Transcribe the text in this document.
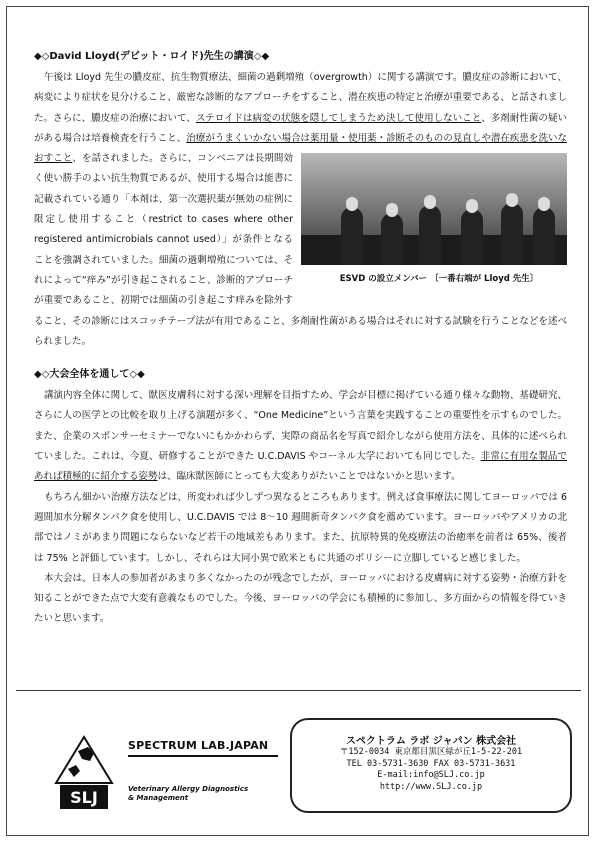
◆◇David Lloyd(デビット・ロイド)先生の講演◇◆

午後は Lloyd 先生の膿皮症、抗生物質療法、細菌の過剰増殖（overgrowth）に関する講演です。膿皮症の診断において、病変により症状を見分けること、厳密な診断的なアプローチをすること、潜在疾患の特定と治療が重要である、と話されました。さらに、膿皮症の治療において、ステロイドは病変の状態を隠してしまうため決して使用しないこと、多剤耐性菌の疑いがある場合は培養検査を行うこと、治療がうまくいかない場合は薬用量・使用薬・診断そのものの見直しや潜在疾患を洗いなおすこと
ESVD の設立メンバー 〔一番右端が Lloyd 先生〕
、を話されました。さらに、コンベニアは長期間効く使い勝手のよい抗生物質であるが、使用する場合は能書に記載されている通り「本剤は、第一次選択薬が無効の症例に限定し使用すること（restrict to cases where other registered antimicrobials cannot used）」が条件となることを強調されていました。細菌の過剰増殖については、それによって“痒み”が引き起こされること、診断的アプローチが重要であること、初期では細菌の引き起こす痒みを除外すること、その診断にはスコッチテープ法が有用であること、多剤耐性菌がある場合はそれに対する試験を行うことなどを述べられました。

◆◇大会全体を通して◇◆

講演内容全体に関して、獣医皮膚科に対する深い理解を目指すため、学会が目標に掲げている通り様々な動物、基礎研究、さらに人の医学との比較を取り上げる演題が多く、“One Medicine”という言葉を実践することの重要性を示すものでした。また、企業のスポンサーセミナーでないにもかかわらず、実際の商品名を写真で紹介しながら使用方法を、具体的に述べられていました。これは、今夏、研修することができた U.C.DAVIS やコーネル大学においても同じでした。非常に有用な製品であれば積極的に紹介する姿勢は、臨床獣医師にとっても大変ありがたいことではないかと思います。

もちろん細かい治療方法などは、所変われば少しずつ異なるところもあります。例えば食事療法に関してヨーロッパでは 6 週間加水分解タンパク食を使用し、U.C.DAVIS では 8～10 週間新奇タンパク食を薦めています。ヨーロッパやアメリカの北部ではノミがあまり問題にならないなど若干の地域差もあります。また、抗原特異的免疫療法の治癒率を前者は 65%、後者は 75% と評価しています。しかし、それらは大同小異で欧米ともに共通のポリシーに立脚していると感じました。

本大会は、日本人の参加者があまり多くなかったのが残念でしたが、ヨーロッパにおける皮膚病に対する姿勢・治療方針を知ることができた点で大変有意義なものでした。今後、ヨーロッパの学会にも積極的に参加し、多方面からの情報を得ていきたいと思います。

SLJ
SPECTRUM LAB.JAPAN
Veterinary Allergy Diagnostics
& Management
スペクトラム ラボ ジャパン 株式会社
〒152-0034 東京都目黒区緑が丘1-5-22-201
TEL 03-5731-3630 FAX 03-5731-3631
E-mail:info@SLJ.co.jp
http://www.SLJ.co.jp
